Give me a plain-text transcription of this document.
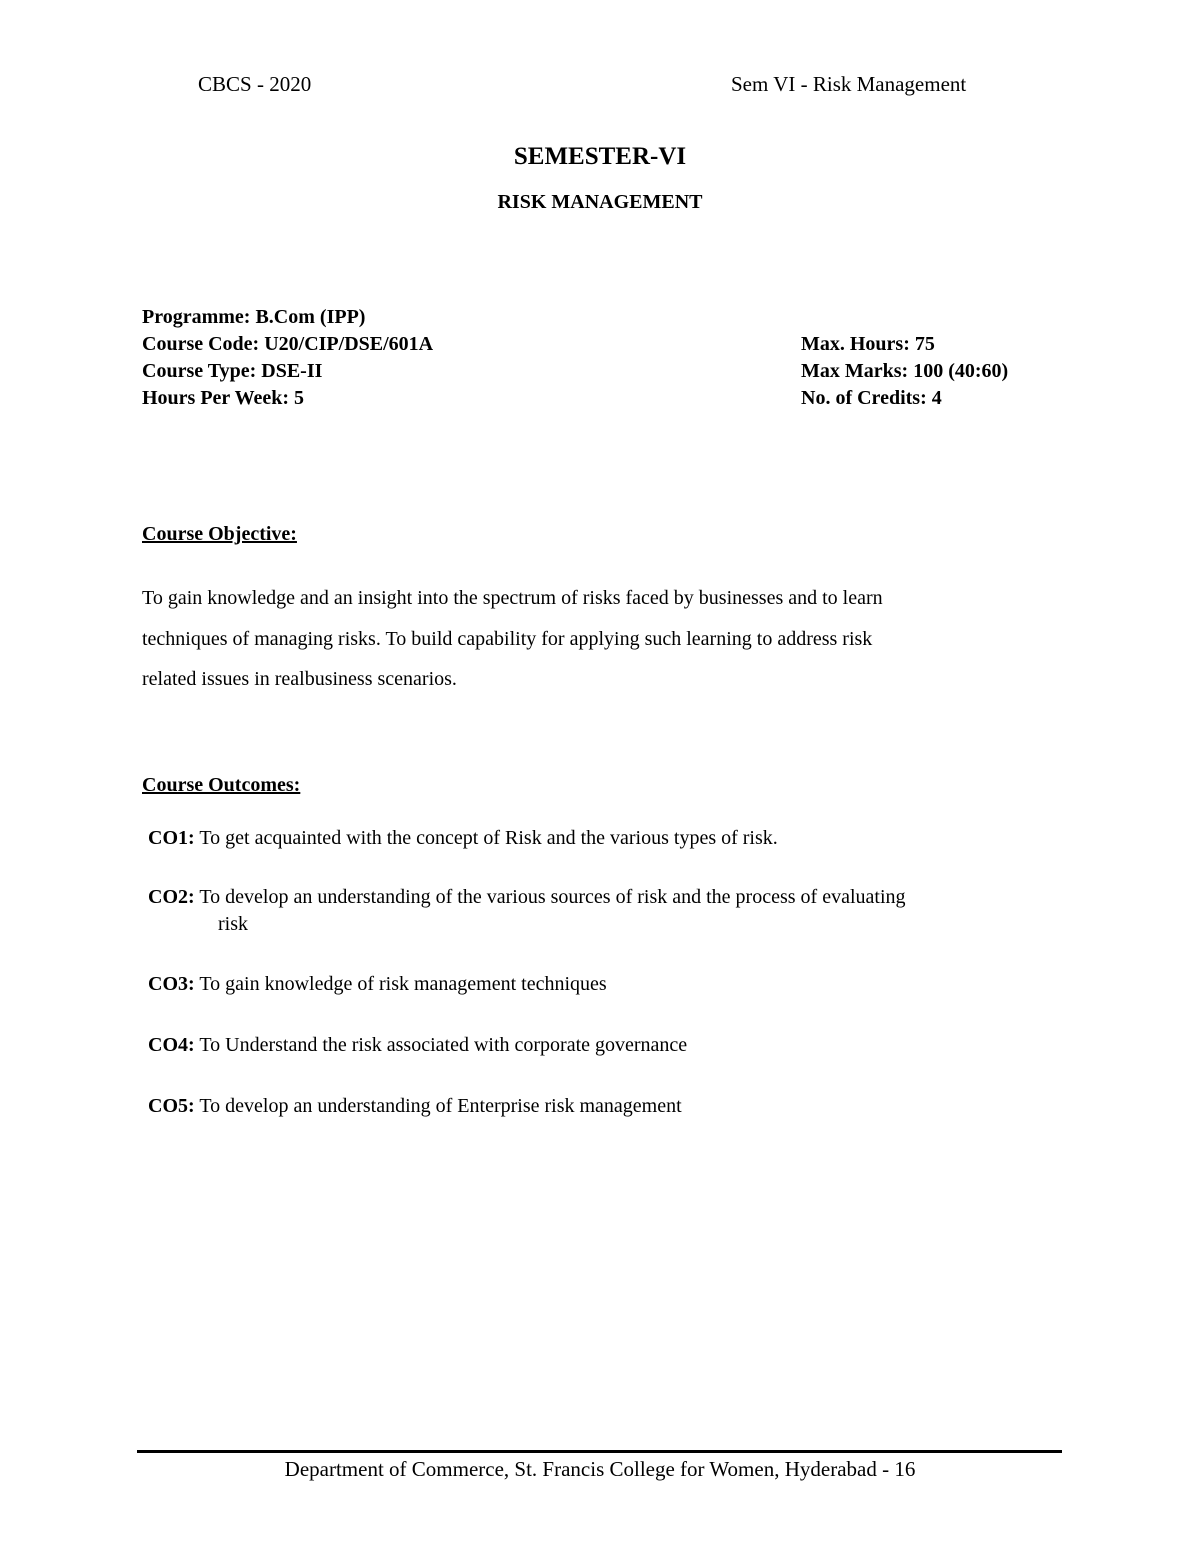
CBCS - 2020	Sem VI - Risk Management
SEMESTER-VI
RISK MANAGEMENT
Programme: B.Com (IPP)
Course Code: U20/CIP/DSE/601A
Course Type: DSE-II
Hours Per Week: 5
Max. Hours: 75
Max Marks: 100 (40:60)
No. of Credits: 4
Course Objective:
To gain knowledge and an insight into the spectrum of risks faced by businesses and to learn
techniques of managing risks. To build capability for applying such learning to address risk
related issues in realbusiness scenarios.
Course Outcomes:
CO1: To get acquainted with the concept of Risk and the various types of risk.
CO2: To develop an understanding of the various sources of risk and the process of evaluating
risk
CO3: To gain knowledge of risk management techniques
CO4: To Understand the risk associated with corporate governance
CO5: To develop an understanding of Enterprise risk management
Department of Commerce, St. Francis College for Women, Hyderabad - 16
